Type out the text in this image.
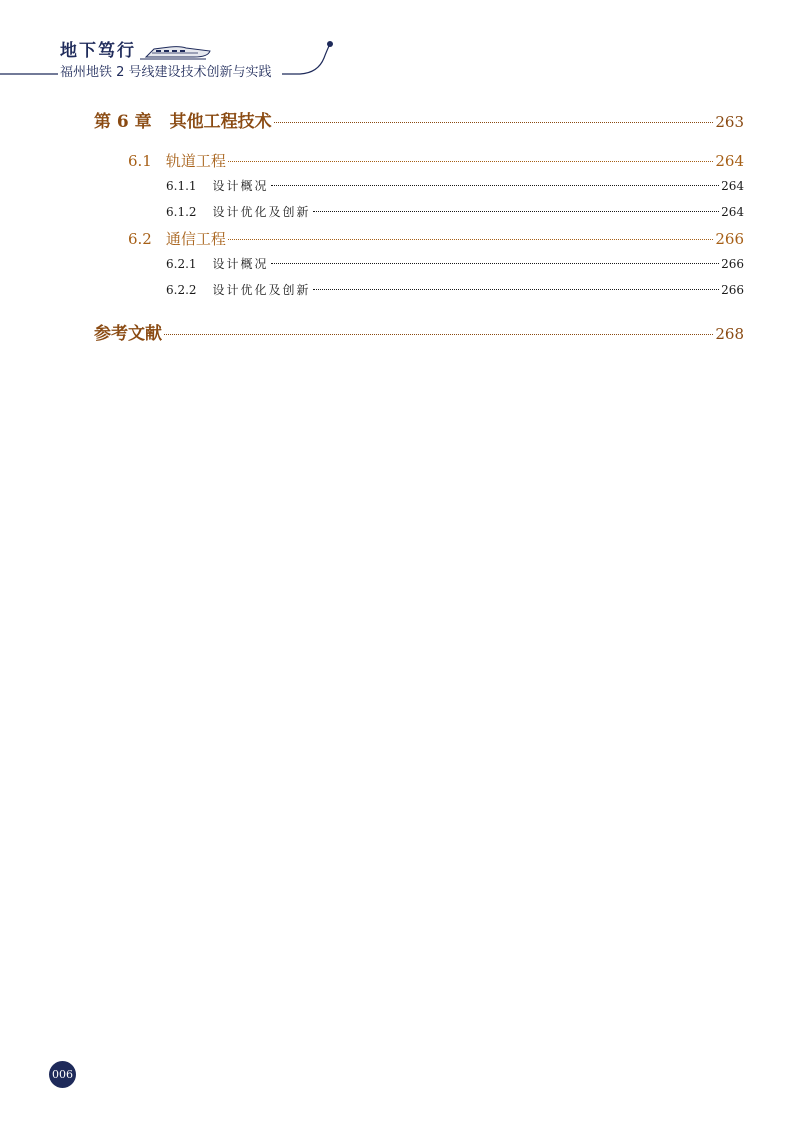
地下笃行
福州地铁 2 号线建设技术创新与实践
第 6 章 其他工程技术	263
6.1 轨道工程	264
6.1.1 设计概况	264
6.1.2 设计优化及创新	264
6.2 通信工程	266
6.2.1 设计概况	266
6.2.2 设计优化及创新	266
参考文献	268
006
